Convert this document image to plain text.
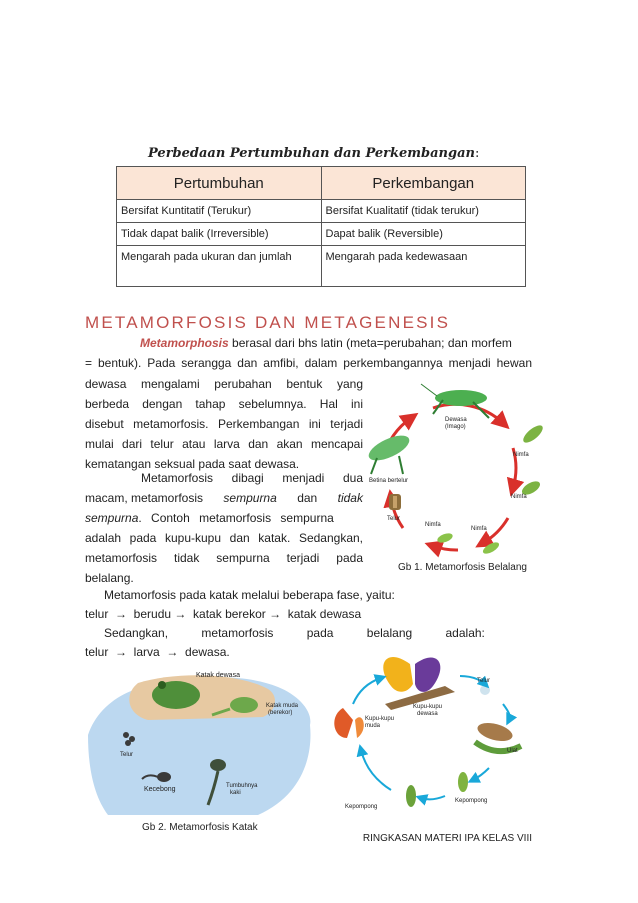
Perbedaan Pertumbuhan dan Perkembangan:
Pertumbuhan	Perkembangan
Bersifat Kuntitatif (Terukur)	Bersifat Kualitatif (tidak terukur)
Tidak dapat balik (Irreversible)	Dapat balik (Reversible)
Mengarah pada ukuran dan jumlah	Mengarah pada kedewasaan
METAMORFOSIS DAN METAGENESIS
Metamorphosis berasal dari bhs latin (meta=perubahan; dan morfem
= bentuk). Pada serangga dan amfibi, dalam perkembangannya menjadi hewan
dewasa mengalami perubahan bentuk yang
berbeda dengan tahap sebelumnya. Hal ini
disebut metamorfosis. Perkembangan ini terjadi
mulai dari telur atau larva dan akan mencapai
kematangan seksual pada saat dewasa.
Metamorfosis dibagi menjadi dua
macam, metamorfosis sempurna dan tidak
sempurna. Contoh metamorfosis sempurna
adalah pada kupu-kupu dan katak. Sedangkan,
metamorfosis tidak sempurna terjadi pada
belalang.
Metamorfosis pada katak melalui beberapa fase, yaitu:
telur  →  berudu →  katak berekor →  katak dewasa
Sedangkan,          metamorfosis          pada          belalang          adalah:
telur  →  larva  →  dewasa.
Dewasa
(Imago)
Betina bertelur
Telur
Nimfa
Nimfa
Nimfa
Nimfa
Gb 1. Metamorfosis Belalang
Katak dewasa
Katak muda
(berekor)
Telur
Kecebong	Tumbuhnya
kaki
Gb 2. Metamorfosis Katak
Telur
Kupu-kupu
dewasa
Ulat
Kupu-kupu
muda
Kepompong
Kepompong
RINGKASAN MATERI IPA KELAS VIII
